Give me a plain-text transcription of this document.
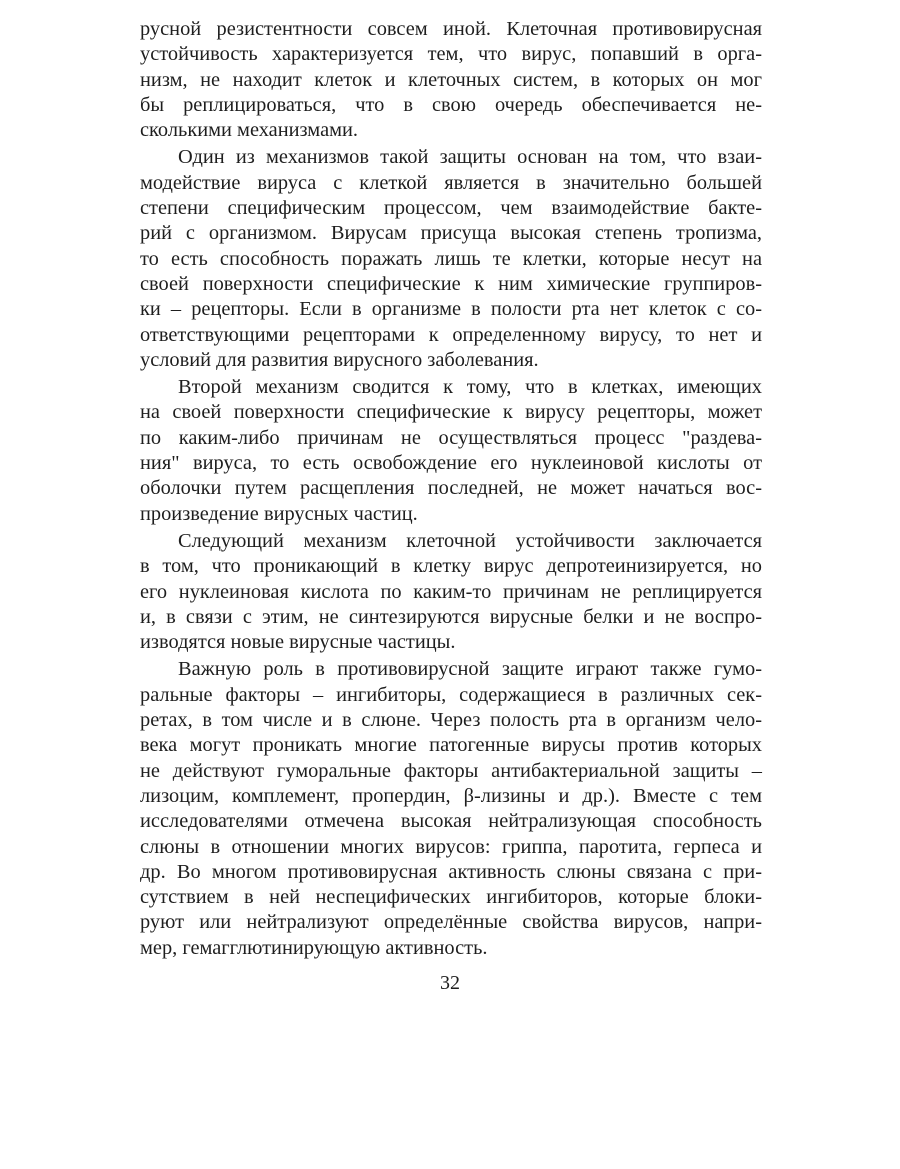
русной резистентности совсем иной. Клеточная противовирусная
устойчивость характеризуется тем, что вирус, попавший в орга-
низм, не находит клеток и клеточных систем, в которых он мог
бы реплицироваться, что в свою очередь обеспечивается не-
сколькими механизмами.

Один из механизмов такой защиты основан на том, что взаи-
модействие вируса с клеткой является в значительно большей
степени специфическим процессом, чем взаимодействие бакте-
рий с организмом. Вирусам присуща высокая степень тропизма,
то есть способность поражать лишь те клетки, которые несут на
своей поверхности специфические к ним химические группиров-
ки – рецепторы. Если в организме в полости рта нет клеток с со-
ответствующими рецепторами к определенному вирусу, то нет и
условий для развития вирусного заболевания.

Второй механизм сводится к тому, что в клетках, имеющих
на своей поверхности специфические к вирусу рецепторы, может
по каким-либо причинам не осуществляться процесс "раздева-
ния" вируса, то есть освобождение его нуклеиновой кислоты от
оболочки путем расщепления последней, не может начаться вос-
произведение вирусных частиц.

Следующий механизм клеточной устойчивости заключается
в том, что проникающий в клетку вирус депротеинизируется, но
его нуклеиновая кислота по каким-то причинам не реплицируется
и, в связи с этим, не синтезируются вирусные белки и не воспро-
изводятся новые вирусные частицы.

Важную роль в противовирусной защите играют также гумо-
ральные факторы – ингибиторы, содержащиеся в различных сек-
ретах, в том числе и в слюне. Через полость рта в организм чело-
века могут проникать многие патогенные вирусы против которых
не действуют гуморальные факторы антибактериальной защиты –
лизоцим, комплемент, пропердин, β-лизины и др.). Вместе с тем
исследователями отмечена высокая нейтрализующая способность
слюны в отношении многих вирусов: гриппа, паротита, герпеса и
др. Во многом противовирусная активность слюны связана с при-
сутствием в ней неспецифических ингибиторов, которые блоки-
руют или нейтрализуют определённые свойства вирусов, напри-
мер, гемагглютинирующую активность.

32
